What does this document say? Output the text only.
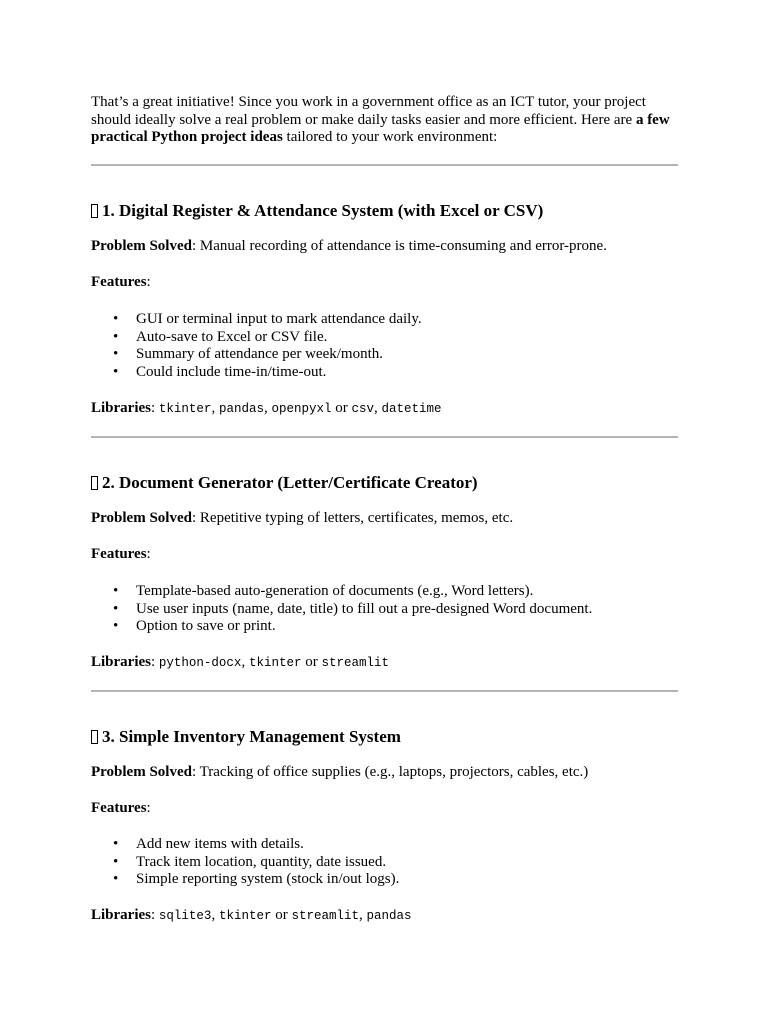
That’s a great initiative! Since you work in a government office as an ICT tutor, your project should ideally solve a real problem or make daily tasks easier and more efficient. Here are a few practical Python project ideas tailored to your work environment:

1. Digital Register & Attendance System (with Excel or CSV)

Problem Solved: Manual recording of attendance is time-consuming and error-prone.

Features:

• GUI or terminal input to mark attendance daily.
• Auto-save to Excel or CSV file.
• Summary of attendance per week/month.
• Could include time-in/time-out.

Libraries: tkinter, pandas, openpyxl or csv, datetime

2. Document Generator (Letter/Certificate Creator)

Problem Solved: Repetitive typing of letters, certificates, memos, etc.

Features:

• Template-based auto-generation of documents (e.g., Word letters).
• Use user inputs (name, date, title) to fill out a pre-designed Word document.
• Option to save or print.

Libraries: python-docx, tkinter or streamlit

3. Simple Inventory Management System

Problem Solved: Tracking of office supplies (e.g., laptops, projectors, cables, etc.)

Features:

• Add new items with details.
• Track item location, quantity, date issued.
• Simple reporting system (stock in/out logs).

Libraries: sqlite3, tkinter or streamlit, pandas
